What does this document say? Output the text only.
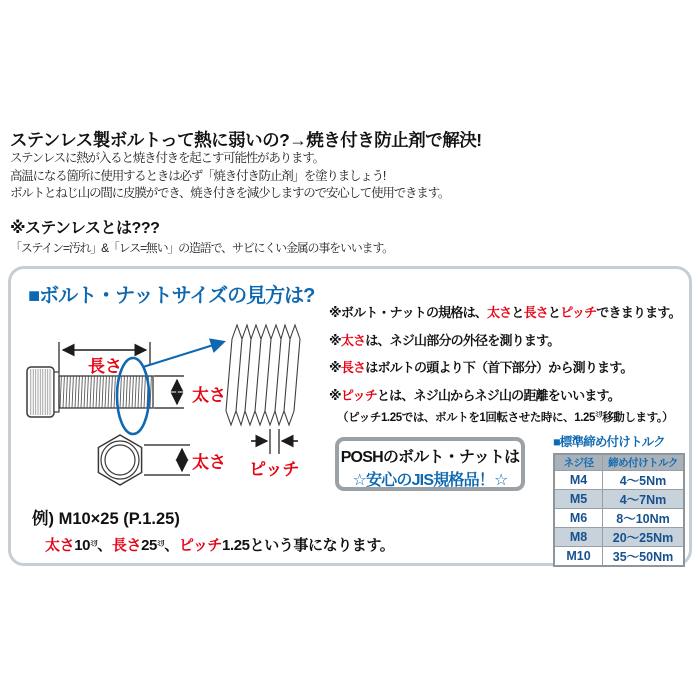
ステンレス製ボルトって熱に弱いの?→焼き付き防止剤で解決!
ステンレスに熱が入ると焼き付きを起こす可能性があります。
高温になる箇所に使用するときは必ず「焼き付き防止剤」を塗りましょう!
ボルトとねじ山の間に皮膜ができ、焼き付きを減少しますので安心して使用できます。
※ステンレスとは???
「ステイン=汚れ」&「レス=無い」の造語で、サビにくい金属の事をいいます。
■ボルト・ナットサイズの見方は?
長さ
太さ
ピッチ
太さ
※ボルト・ナットの規格は、太さと長さとピッチできまります。
※太さは、ネジ山部分の外径を測ります。
※長さはボルトの頭より下（首下部分）から測ります。
※ピッチとは、ネジ山からネジ山の距離をいいます。
（ピッチ1.25では、ボルトを1回転させた時に、$1.25^{ﾐﾘ}$移動します。）
POSHのボルト・ナットは
☆安心のJIS規格品！☆
■標準締め付けトルク
ネジ径	締め付けトルク
M4	4～5Nm
M5	4～7Nm
M6	8～10Nm
M8	20～25Nm
M10	35～50Nm
例) M10×25 (P.1.25)
太さ$10^{ﾐﾘ}$、長さ$25^{ﾐﾘ}$、ピッチ1.25という事になります。
